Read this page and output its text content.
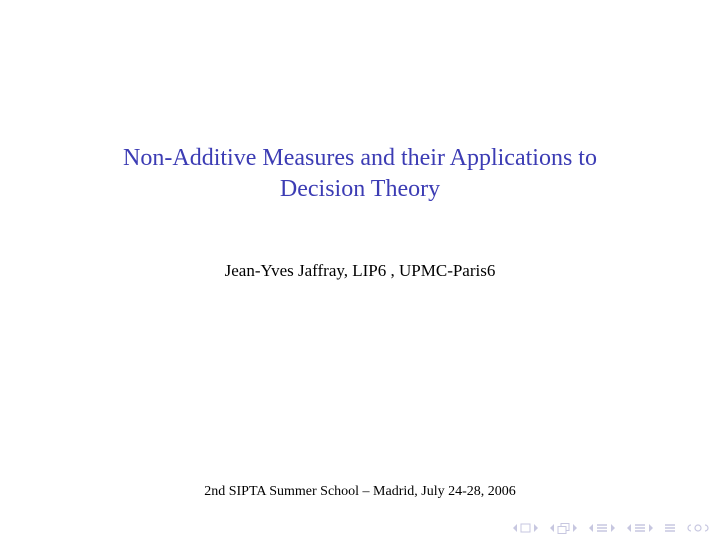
Non-Additive Measures and their Applications to
Decision Theory
Jean-Yves Jaffray, LIP6 , UPMC-Paris6
2nd SIPTA Summer School – Madrid, July 24-28, 2006
